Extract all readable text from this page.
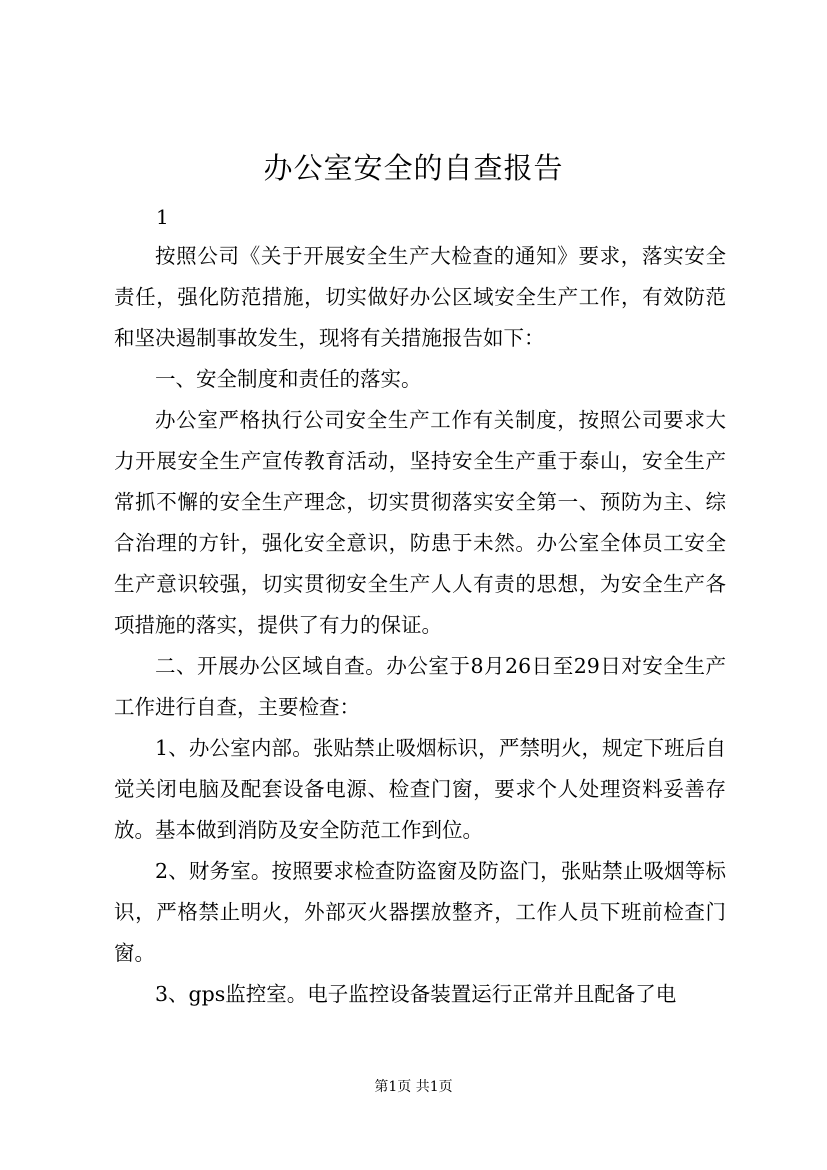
办公室安全的自查报告
1

按照公司《关于开展安全生产大检查的通知》要求，落实安全责任，强化防范措施，切实做好办公区域安全生产工作，有效防范和坚决遏制事故发生，现将有关措施报告如下：

一、安全制度和责任的落实。

办公室严格执行公司安全生产工作有关制度，按照公司要求大力开展安全生产宣传教育活动，坚持安全生产重于泰山，安全生产常抓不懈的安全生产理念，切实贯彻落实安全第一、预防为主、综合治理的方针，强化安全意识，防患于未然。办公室全体员工安全生产意识较强，切实贯彻安全生产人人有责的思想，为安全生产各项措施的落实，提供了有力的保证。

二、开展办公区域自查。办公室于8月26日至29日对安全生产工作进行自查，主要检查：

1、办公室内部。张贴禁止吸烟标识，严禁明火，规定下班后自觉关闭电脑及配套设备电源、检查门窗，要求个人处理资料妥善存放。基本做到消防及安全防范工作到位。

2、财务室。按照要求检查防盗窗及防盗门，张贴禁止吸烟等标识，严格禁止明火，外部灭火器摆放整齐，工作人员下班前检查门窗。

3、gps监控室。电子监控设备装置运行正常并且配备了电

第1页 共1页
